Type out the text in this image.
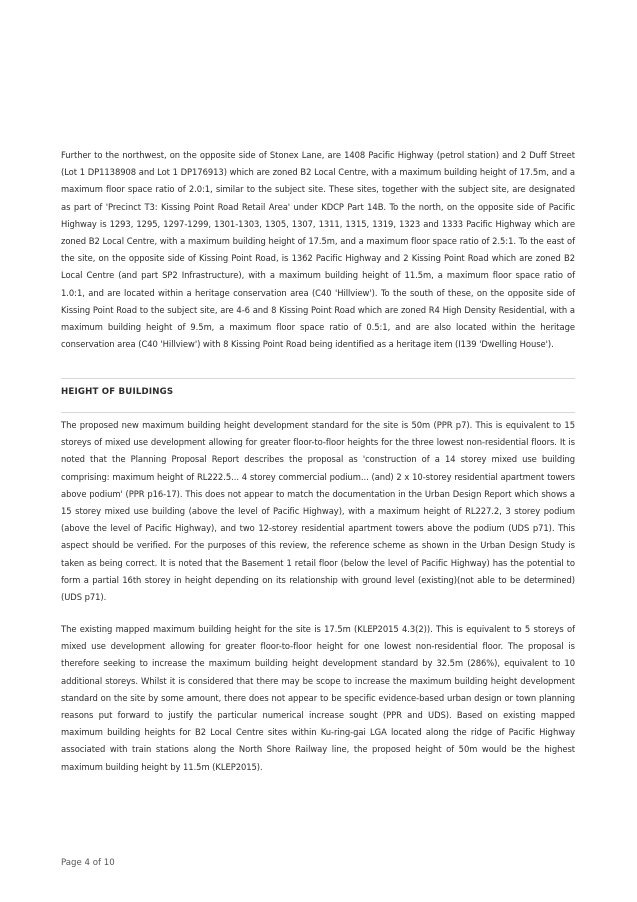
Further to the northwest, on the opposite side of Stonex Lane, are 1408 Pacific Highway (petrol station) and 2 Duff Street (Lot 1 DP1138908 and Lot 1 DP176913) which are zoned B2 Local Centre, with a maximum building height of 17.5m, and a maximum floor space ratio of 2.0:1, similar to the subject site. These sites, together with the subject site, are designated as part of 'Precinct T3: Kissing Point Road Retail Area' under KDCP Part 14B. To the north, on the opposite side of Pacific Highway is 1293, 1295, 1297-1299, 1301-1303, 1305, 1307, 1311, 1315, 1319, 1323 and 1333 Pacific Highway which are zoned B2 Local Centre, with a maximum building height of 17.5m, and a maximum floor space ratio of 2.5:1. To the east of the site, on the opposite side of Kissing Point Road, is 1362 Pacific Highway and 2 Kissing Point Road which are zoned B2 Local Centre (and part SP2 Infrastructure), with a maximum building height of 11.5m, a maximum floor space ratio of 1.0:1, and are located within a heritage conservation area (C40 'Hillview'). To the south of these, on the opposite side of Kissing Point Road to the subject site, are 4-6 and 8 Kissing Point Road which are zoned R4 High Density Residential, with a maximum building height of 9.5m, a maximum floor space ratio of 0.5:1, and are also located within the heritage conservation area (C40 'Hillview') with 8 Kissing Point Road being identified as a heritage item (I139 'Dwelling House').

HEIGHT OF BUILDINGS

The proposed new maximum building height development standard for the site is 50m (PPR p7). This is equivalent to 15 storeys of mixed use development allowing for greater floor-to-floor heights for the three lowest non-residential floors. It is noted that the Planning Proposal Report describes the proposal as 'construction of a 14 storey mixed use building comprising: maximum height of RL222.5... 4 storey commercial podium... (and) 2 x 10-storey residential apartment towers above podium' (PPR p16-17). This does not appear to match the documentation in the Urban Design Report which shows a 15 storey mixed use building (above the level of Pacific Highway), with a maximum height of RL227.2, 3 storey podium (above the level of Pacific Highway), and two 12-storey residential apartment towers above the podium (UDS p71). This aspect should be verified. For the purposes of this review, the reference scheme as shown in the Urban Design Study is taken as being correct. It is noted that the Basement 1 retail floor (below the level of Pacific Highway) has the potential to form a partial 16th storey in height depending on its relationship with ground level (existing)(not able to be determined)(UDS p71).

The existing mapped maximum building height for the site is 17.5m (KLEP2015 4.3(2)). This is equivalent to 5 storeys of mixed use development allowing for greater floor-to-floor height for one lowest non-residential floor. The proposal is therefore seeking to increase the maximum building height development standard by 32.5m (286%), equivalent to 10 additional storeys. Whilst it is considered that there may be scope to increase the maximum building height development standard on the site by some amount, there does not appear to be specific evidence-based urban design or town planning reasons put forward to justify the particular numerical increase sought (PPR and UDS). Based on existing mapped maximum building heights for B2 Local Centre sites within Ku-ring-gai LGA located along the ridge of Pacific Highway associated with train stations along the North Shore Railway line, the proposed height of 50m would be the highest maximum building height by 11.5m (KLEP2015).

Page 4 of 10
